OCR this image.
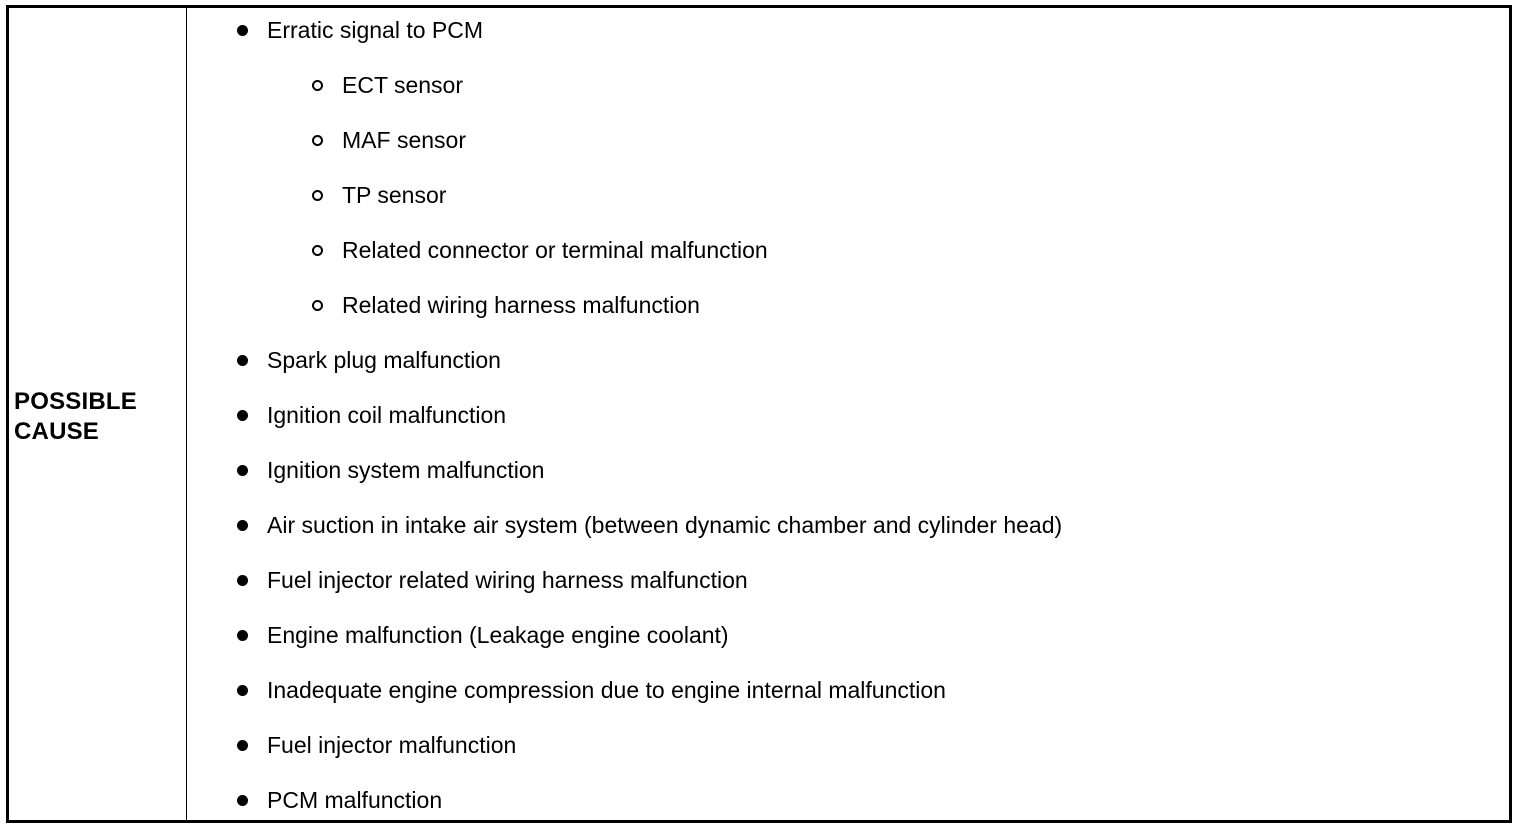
POSSIBLE
CAUSE
Erratic signal to PCM
ECT sensor
MAF sensor
TP sensor
Related connector or terminal malfunction
Related wiring harness malfunction
Spark plug malfunction
Ignition coil malfunction
Ignition system malfunction
Air suction in intake air system (between dynamic chamber and cylinder head)
Fuel injector related wiring harness malfunction
Engine malfunction (Leakage engine coolant)
Inadequate engine compression due to engine internal malfunction
Fuel injector malfunction
PCM malfunction
